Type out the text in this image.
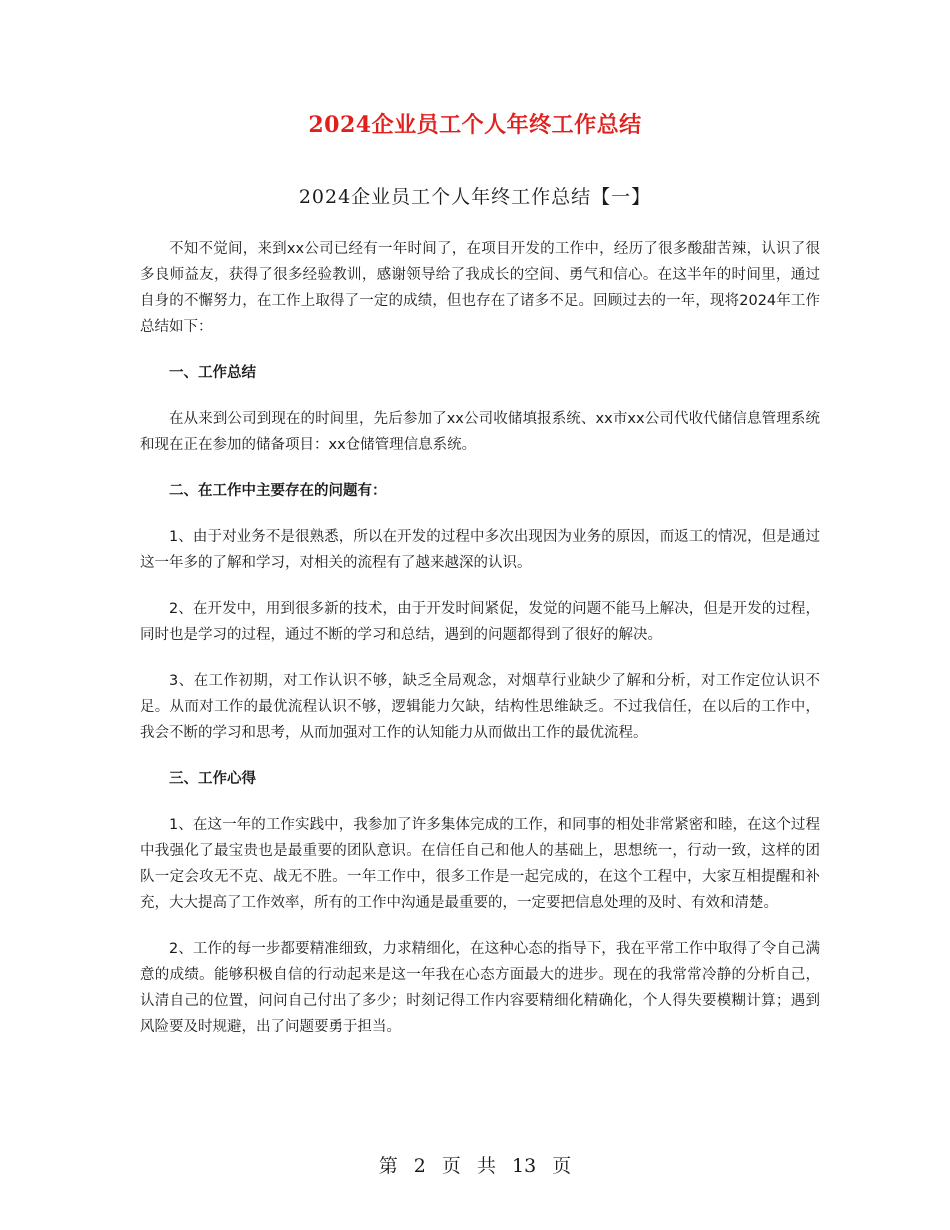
2024企业员工个人年终工作总结
2024企业员工个人年终工作总结【一】

不知不觉间，来到xx公司已经有一年时间了，在项目开发的工作中，经历了很多酸甜苦辣，认识了很多良师益友，获得了很多经验教训，感谢领导给了我成长的空间、勇气和信心。在这半年的时间里，通过自身的不懈努力，在工作上取得了一定的成绩，但也存在了诸多不足。回顾过去的一年，现将2024年工作总结如下：

一、工作总结

在从来到公司到现在的时间里，先后参加了xx公司收储填报系统、xx市xx公司代收代储信息管理系统和现在正在参加的储备项目：xx仓储管理信息系统。

二、在工作中主要存在的问题有：

1、由于对业务不是很熟悉，所以在开发的过程中多次出现因为业务的原因，而返工的情况，但是通过这一年多的了解和学习，对相关的流程有了越来越深的认识。

2、在开发中，用到很多新的技术，由于开发时间紧促，发觉的问题不能马上解决，但是开发的过程，同时也是学习的过程，通过不断的学习和总结，遇到的问题都得到了很好的解决。

3、在工作初期，对工作认识不够，缺乏全局观念，对烟草行业缺少了解和分析，对工作定位认识不足。从而对工作的最优流程认识不够，逻辑能力欠缺，结构性思维缺乏。不过我信任，在以后的工作中，我会不断的学习和思考，从而加强对工作的认知能力从而做出工作的最优流程。

三、工作心得

1、在这一年的工作实践中，我参加了许多集体完成的工作，和同事的相处非常紧密和睦，在这个过程中我强化了最宝贵也是最重要的团队意识。在信任自己和他人的基础上，思想统一，行动一致，这样的团队一定会攻无不克、战无不胜。一年工作中，很多工作是一起完成的，在这个工程中，大家互相提醒和补充，大大提高了工作效率，所有的工作中沟通是最重要的，一定要把信息处理的及时、有效和清楚。

2、工作的每一步都要精准细致，力求精细化，在这种心态的指导下，我在平常工作中取得了令自己满意的成绩。能够积极自信的行动起来是这一年我在心态方面最大的进步。现在的我常常冷静的分析自己，认清自己的位置，问问自己付出了多少；时刻记得工作内容要精细化精确化，个人得失要模糊计算；遇到风险要及时规避，出了问题要勇于担当。

第 2 页 共 13 页
